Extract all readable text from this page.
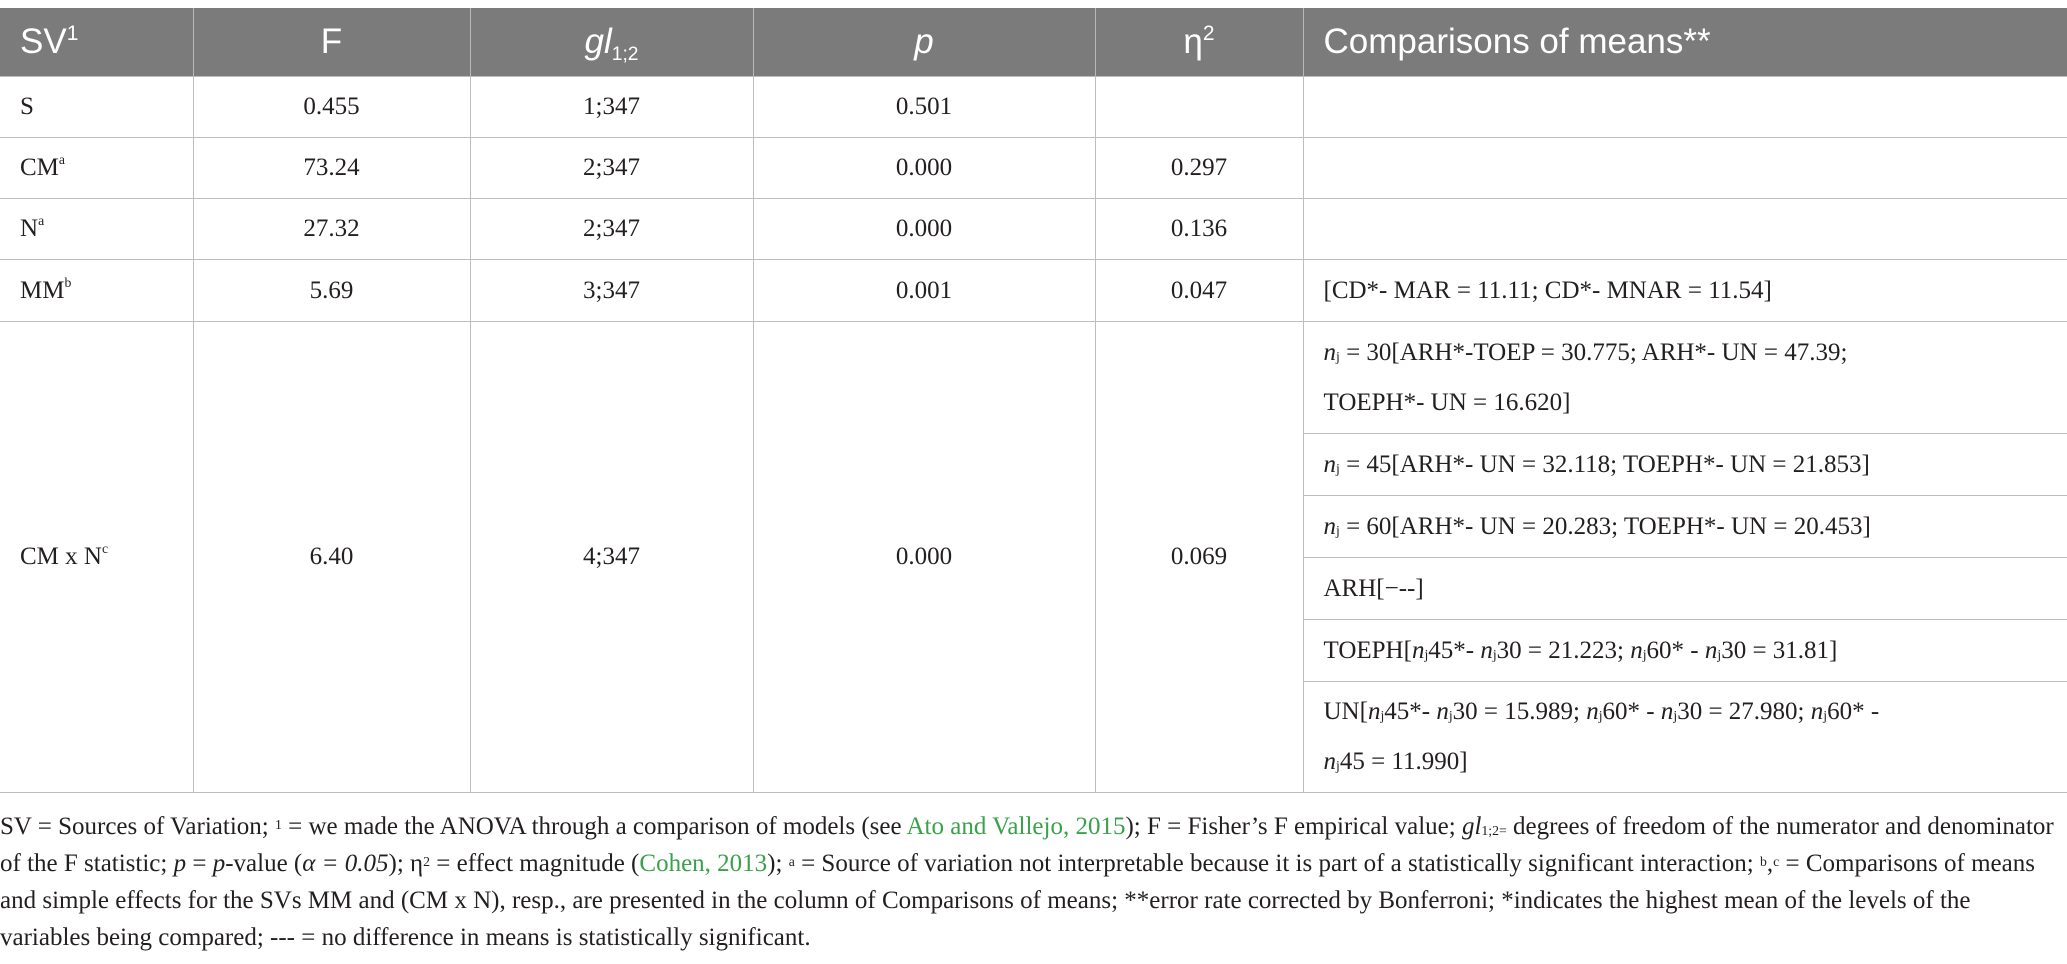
$SV^1$	F	$gl_{1;2}$	p	$\eta^2$	Comparisons of means**
S	0.455	1;347	0.501		
$CM^a$	73.24	2;347	0.000	0.297	
$N^a$	27.32	2;347	0.000	0.136	
$MM^b$	5.69	3;347	0.001	0.047	[CD*- MAR = 11.11; CD*- MNAR = 11.54]
CM x $N^c$	6.40	4;347	0.000	0.069	$n_j$ = 30[ARH*-TOEP = 30.775; ARH*- UN = 47.39;
TOEPH*- UN = 16.620]
					$n_j = 45[ARH*-$ UN = 32.118; TOEPH*- UN = 21.853]
					$n_j = 60[ARH*-$ UN = 20.283; TOEPH*- UN = 20.453]
					ARH[−--]
					$TOEPH[n_j45*-$ $n_j30 = 21.223$; $n_j60* - n_j30 = 31.81$]
					$UN[n_j45*-$ $n_j30 = 15.989$; $n_j60* - n_j30 = 27.980$; $n_j60*$ -
$n_j45 = 11.990$]

SV = Sources of Variation; $^1$ = we made the ANOVA through a comparison of models (see Ato and Vallejo, 2015); F = Fisher’s F empirical value; $gl_{1;2=}$ degrees of freedom of the numerator and denominator of the F statistic; p = p-value (α = 0.05); $\eta^2$ = effect magnitude (Cohen, 2013); $^a$ = Source of variation not interpretable because it is part of a statistically significant interaction; $^b$,$^c$ = Comparisons of means and simple effects for the SVs MM and (CM x N), resp., are presented in the column of Comparisons of means; **error rate corrected by Bonferroni; *indicates the highest mean of the levels of the variables being compared; --- = no difference in means is statistically significant.
